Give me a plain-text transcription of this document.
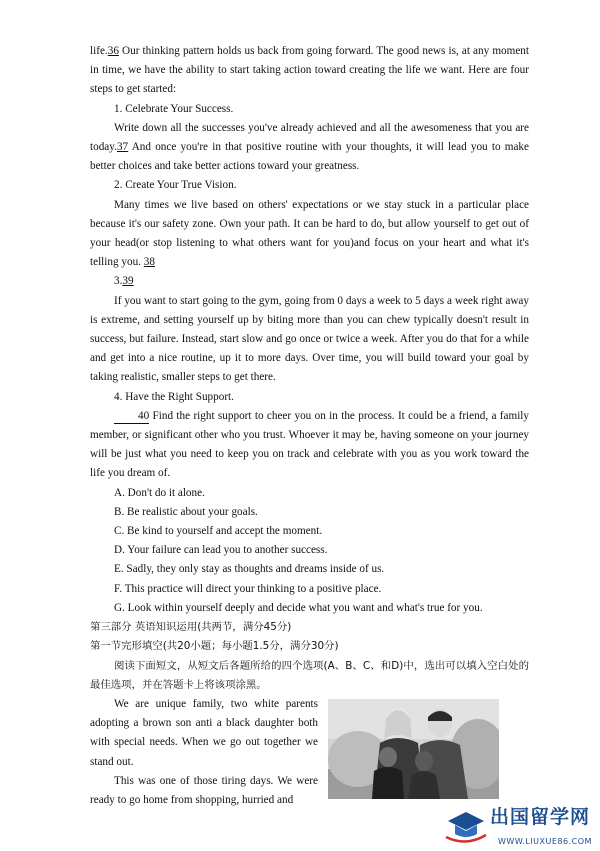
life.36 Our thinking pattern holds us back from going forward. The good news is, at any moment in time, we have the ability to start taking action toward creating the life we want. Here are four steps to get started:

1. Celebrate Your Success.

Write down all the successes you've already achieved and all the awesomeness that you are today.37 And once you're in that positive routine with your thoughts, it will lead you to make better choices and take better actions toward your greatness.

2. Create Your True Vision.

Many times we live based on others' expectations or we stay stuck in a particular place because it's our safety zone. Own your path. It can be hard to do, but allow yourself to get out of your head(or stop listening to what others want for you)and focus on your heart and what it's telling you. 38

3.39

If you want to start going to the gym, going from 0 days a week to 5 days a week right away is extreme, and setting yourself up by biting more than you can chew typically doesn't result in success, but failure. Instead, start slow and go once or twice a week. After you do that for a while and get into a nice routine, up it to more days. Over time, you will build toward your goal by taking realistic, smaller steps to get there.

4. Have the Right Support.

40 Find the right support to cheer you on in the process. It could be a friend, a family member, or significant other who you trust. Whoever it may be, having someone on your journey will be just what you need to keep you on track and celebrate with you as you work toward the life you dream of.

A. Don't do it alone.

B. Be realistic about your goals.

C. Be kind to yourself and accept the moment.

D. Your failure can lead you to another success.

E. Sadly, they only stay as thoughts and dreams inside of us.

F. This practice will direct your thinking to a positive place.

G. Look within yourself deeply and decide what you want and what's true for you.

第三部分 英语知识运用(共两节，满分45分)

第一节完形填空(共20小题；每小题1.5分，满分30分)

阅读下面短文，从短文后各题所给的四个选项(A、B、C、和D)中，选出可以填入空白处的最佳选项，并在答题卡上将该项涂黑。

We are unique family, two white parents adopting a brown son anti a black daughter both with special needs. When we go out together we stand out.

This was one of those tiring days. We were ready to go home from shopping, hurried and

出国留学网
WWW.LIUXUE86.COM
